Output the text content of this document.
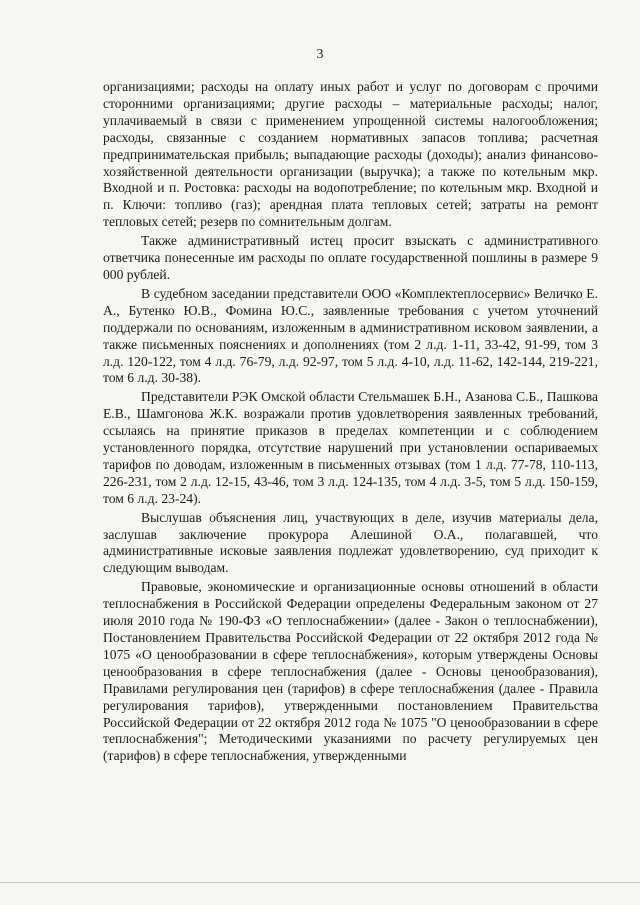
3

организациями; расходы на оплату иных работ и услуг по договорам с прочими сторонними организациями; другие расходы – материальные расходы; налог, уплачиваемый в связи с применением упрощенной системы налогообложения; расходы, связанные с созданием нормативных запасов топлива; расчетная предпринимательская прибыль; выпадающие расходы (доходы); анализ финансово-хозяйственной деятельности организации (выручка); а также по котельным мкр. Входной и п. Ростовка: расходы на водопотребление; по котельным мкр. Входной и п. Ключи: топливо (газ); арендная плата тепловых сетей; затраты на ремонт тепловых сетей; резерв по сомнительным долгам.

Также административный истец просит взыскать с административного ответчика понесенные им расходы по оплате государственной пошлины в размере 9 000 рублей.

В судебном заседании представители ООО «Комплектеплосервис» Величко Е. А., Бутенко Ю.В., Фомина Ю.С., заявленные требования с учетом уточнений поддержали по основаниям, изложенным в административном исковом заявлении, а также письменных пояснениях и дополнениях (том 2 л.д. 1-11, 33-42, 91-99, том 3 л.д. 120-122, том 4 л.д. 76-79, л.д. 92-97, том 5 л.д. 4-10, л.д. 11-62, 142-144, 219-221, том 6 л.д. 30-38).

Представители РЭК Омской области Стельмашек Б.Н., Азанова С.Б., Пашкова Е.В., Шамгонова Ж.К. возражали против удовлетворения заявленных требований, ссылаясь на принятие приказов в пределах компетенции и с соблюдением установленного порядка, отсутствие нарушений при установлении оспариваемых тарифов по доводам, изложенным в письменных отзывах (том 1 л.д. 77-78, 110-113, 226-231, том 2 л.д. 12-15, 43-46, том 3 л.д. 124-135, том 4 л.д. 3-5, том 5 л.д. 150-159, том 6 л.д. 23-24).

Выслушав объяснения лиц, участвующих в деле, изучив материалы дела, заслушав заключение прокурора Алешиной О.А., полагавшей, что административные исковые заявления подлежат удовлетворению, суд приходит к следующим выводам.

Правовые, экономические и организационные основы отношений в области теплоснабжения в Российской Федерации определены Федеральным законом от 27 июля 2010 года № 190-ФЗ «О теплоснабжении» (далее - Закон о теплоснабжении), Постановлением Правительства Российской Федерации от 22 октября 2012 года № 1075 «О ценообразовании в сфере теплоснабжения», которым утверждены Основы ценообразования в сфере теплоснабжения (далее - Основы ценообразования), Правилами регулирования цен (тарифов) в сфере теплоснабжения (далее - Правила регулирования тарифов), утвержденными постановлением Правительства Российской Федерации от 22 октября 2012 года № 1075 "О ценообразовании в сфере теплоснабжения"; Методическими указаниями по расчету регулируемых цен (тарифов) в сфере теплоснабжения, утвержденными
